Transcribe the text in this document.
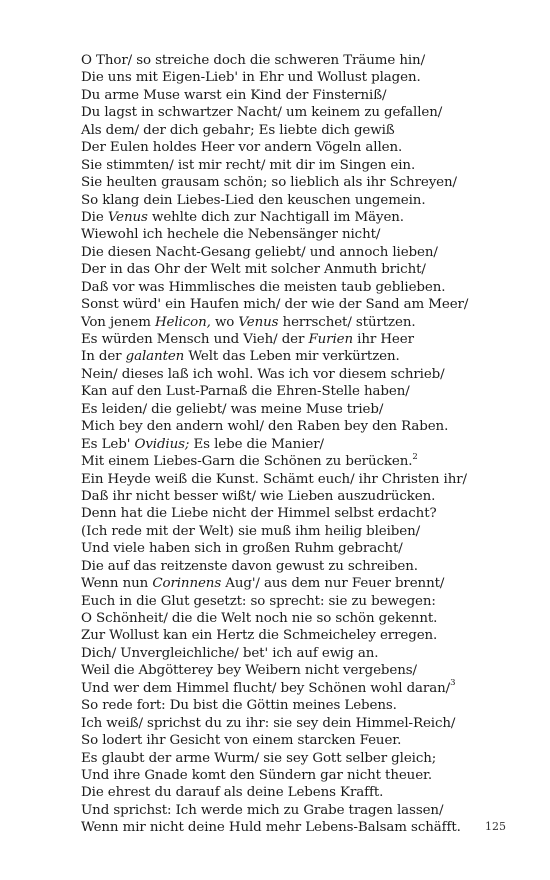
O Thor/ so streiche doch die schweren Träume hin/
Die uns mit Eigen-Lieb' in Ehr und Wollust plagen.
Du arme Muse warst ein Kind der Finsterniß/
Du lagst in schwartzer Nacht/ um keinem zu gefallen/
Als dem/ der dich gebahr; Es liebte dich gewiß
Der Eulen holdes Heer vor andern Vögeln allen.
Sie stimmten/ ist mir recht/ mit dir im Singen ein.
Sie heulten grausam schön; so lieblich als ihr Schreyen/
So klang dein Liebes-Lied den keuschen ungemein.
Die Venus wehlte dich zur Nachtigall im Mäyen.
Wiewohl ich hechele die Nebensänger nicht/
Die diesen Nacht-Gesang geliebt/ und annoch lieben/
Der in das Ohr der Welt mit solcher Anmuth bricht/
Daß vor was Himmlisches die meisten taub geblieben.
Sonst würd' ein Haufen mich/ der wie der Sand am Meer/
Von jenem Helicon, wo Venus herrschet/ stürtzen.
Es würden Mensch und Vieh/ der Furien ihr Heer
In der galanten Welt das Leben mir verkürtzen.
Nein/ dieses laß ich wohl. Was ich vor diesem schrieb/
Kan auf den Lust-Parnaß die Ehren-Stelle haben/
Es leiden/ die geliebt/ was meine Muse trieb/
Mich bey den andern wohl/ den Raben bey den Raben.
Es Leb' Ovidius; Es lebe die Manier/
Mit einem Liebes-Garn die Schönen zu berücken.$^2$
Ein Heyde weiß die Kunst. Schämt euch/ ihr Christen ihr/
Daß ihr nicht besser wißt/ wie Lieben auszudrücken.
Denn hat die Liebe nicht der Himmel selbst erdacht?
(Ich rede mit der Welt) sie muß ihm heilig bleiben/
Und viele haben sich in großen Ruhm gebracht/
Die auf das reitzenste davon gewust zu schreiben.
Wenn nun Corinnens Aug'/ aus dem nur Feuer brennt/
Euch in die Glut gesetzt: so sprecht: sie zu bewegen:
O Schönheit/ die die Welt noch nie so schön gekennt.
Zur Wollust kan ein Hertz die Schmeicheley erregen.
Dich/ Unvergleichliche/ bet' ich auf ewig an.
Weil die Abgötterey bey Weibern nicht vergebens/
Und wer dem Himmel flucht/ bey Schönen wohl daran/$^3$
So rede fort: Du bist die Göttin meines Lebens.
Ich weiß/ sprichst du zu ihr: sie sey dein Himmel-Reich/
So lodert ihr Gesicht von einem starcken Feuer.
Es glaubt der arme Wurm/ sie sey Gott selber gleich;
Und ihre Gnade komt den Sündern gar nicht theuer.
Die ehrest du darauf als deine Lebens Krafft.
Und sprichst: Ich werde mich zu Grabe tragen lassen/
Wenn mir nicht deine Huld mehr Lebens-Balsam schäfft.	125
